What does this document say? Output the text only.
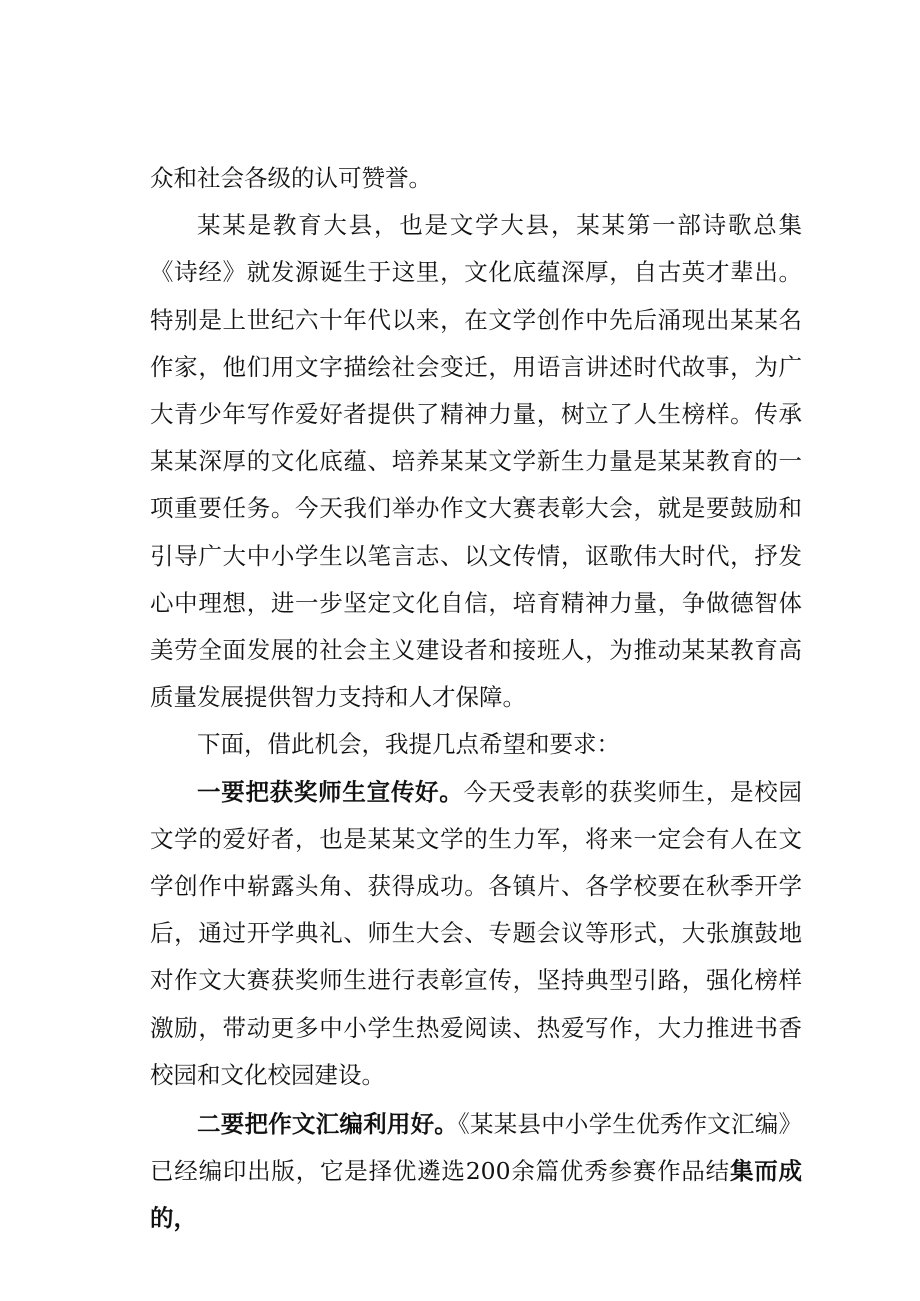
众和社会各级的认可赞誉。

某某是教育大县，也是文学大县，某某第一部诗歌总集《诗经》就发源诞生于这里，文化底蕴深厚，自古英才辈出。特别是上世纪六十年代以来，在文学创作中先后涌现出某某名作家，他们用文字描绘社会变迁，用语言讲述时代故事，为广大青少年写作爱好者提供了精神力量，树立了人生榜样。传承某某深厚的文化底蕴、培养某某文学新生力量是某某教育的一项重要任务。今天我们举办作文大赛表彰大会，就是要鼓励和引导广大中小学生以笔言志、以文传情，讴歌伟大时代，抒发心中理想，进一步坚定文化自信，培育精神力量，争做德智体美劳全面发展的社会主义建设者和接班人，为推动某某教育高质量发展提供智力支持和人才保障。

下面，借此机会，我提几点希望和要求：

一要把获奖师生宣传好。今天受表彰的获奖师生，是校园文学的爱好者，也是某某文学的生力军，将来一定会有人在文学创作中崭露头角、获得成功。各镇片、各学校要在秋季开学后，通过开学典礼、师生大会、专题会议等形式，大张旗鼓地对作文大赛获奖师生进行表彰宣传，坚持典型引路，强化榜样激励，带动更多中小学生热爱阅读、热爱写作，大力推进书香校园和文化校园建设。

二要把作文汇编利用好。《某某县中小学生优秀作文汇编》已经编印出版，它是择优遴选200余篇优秀参赛作品结集而成的，
